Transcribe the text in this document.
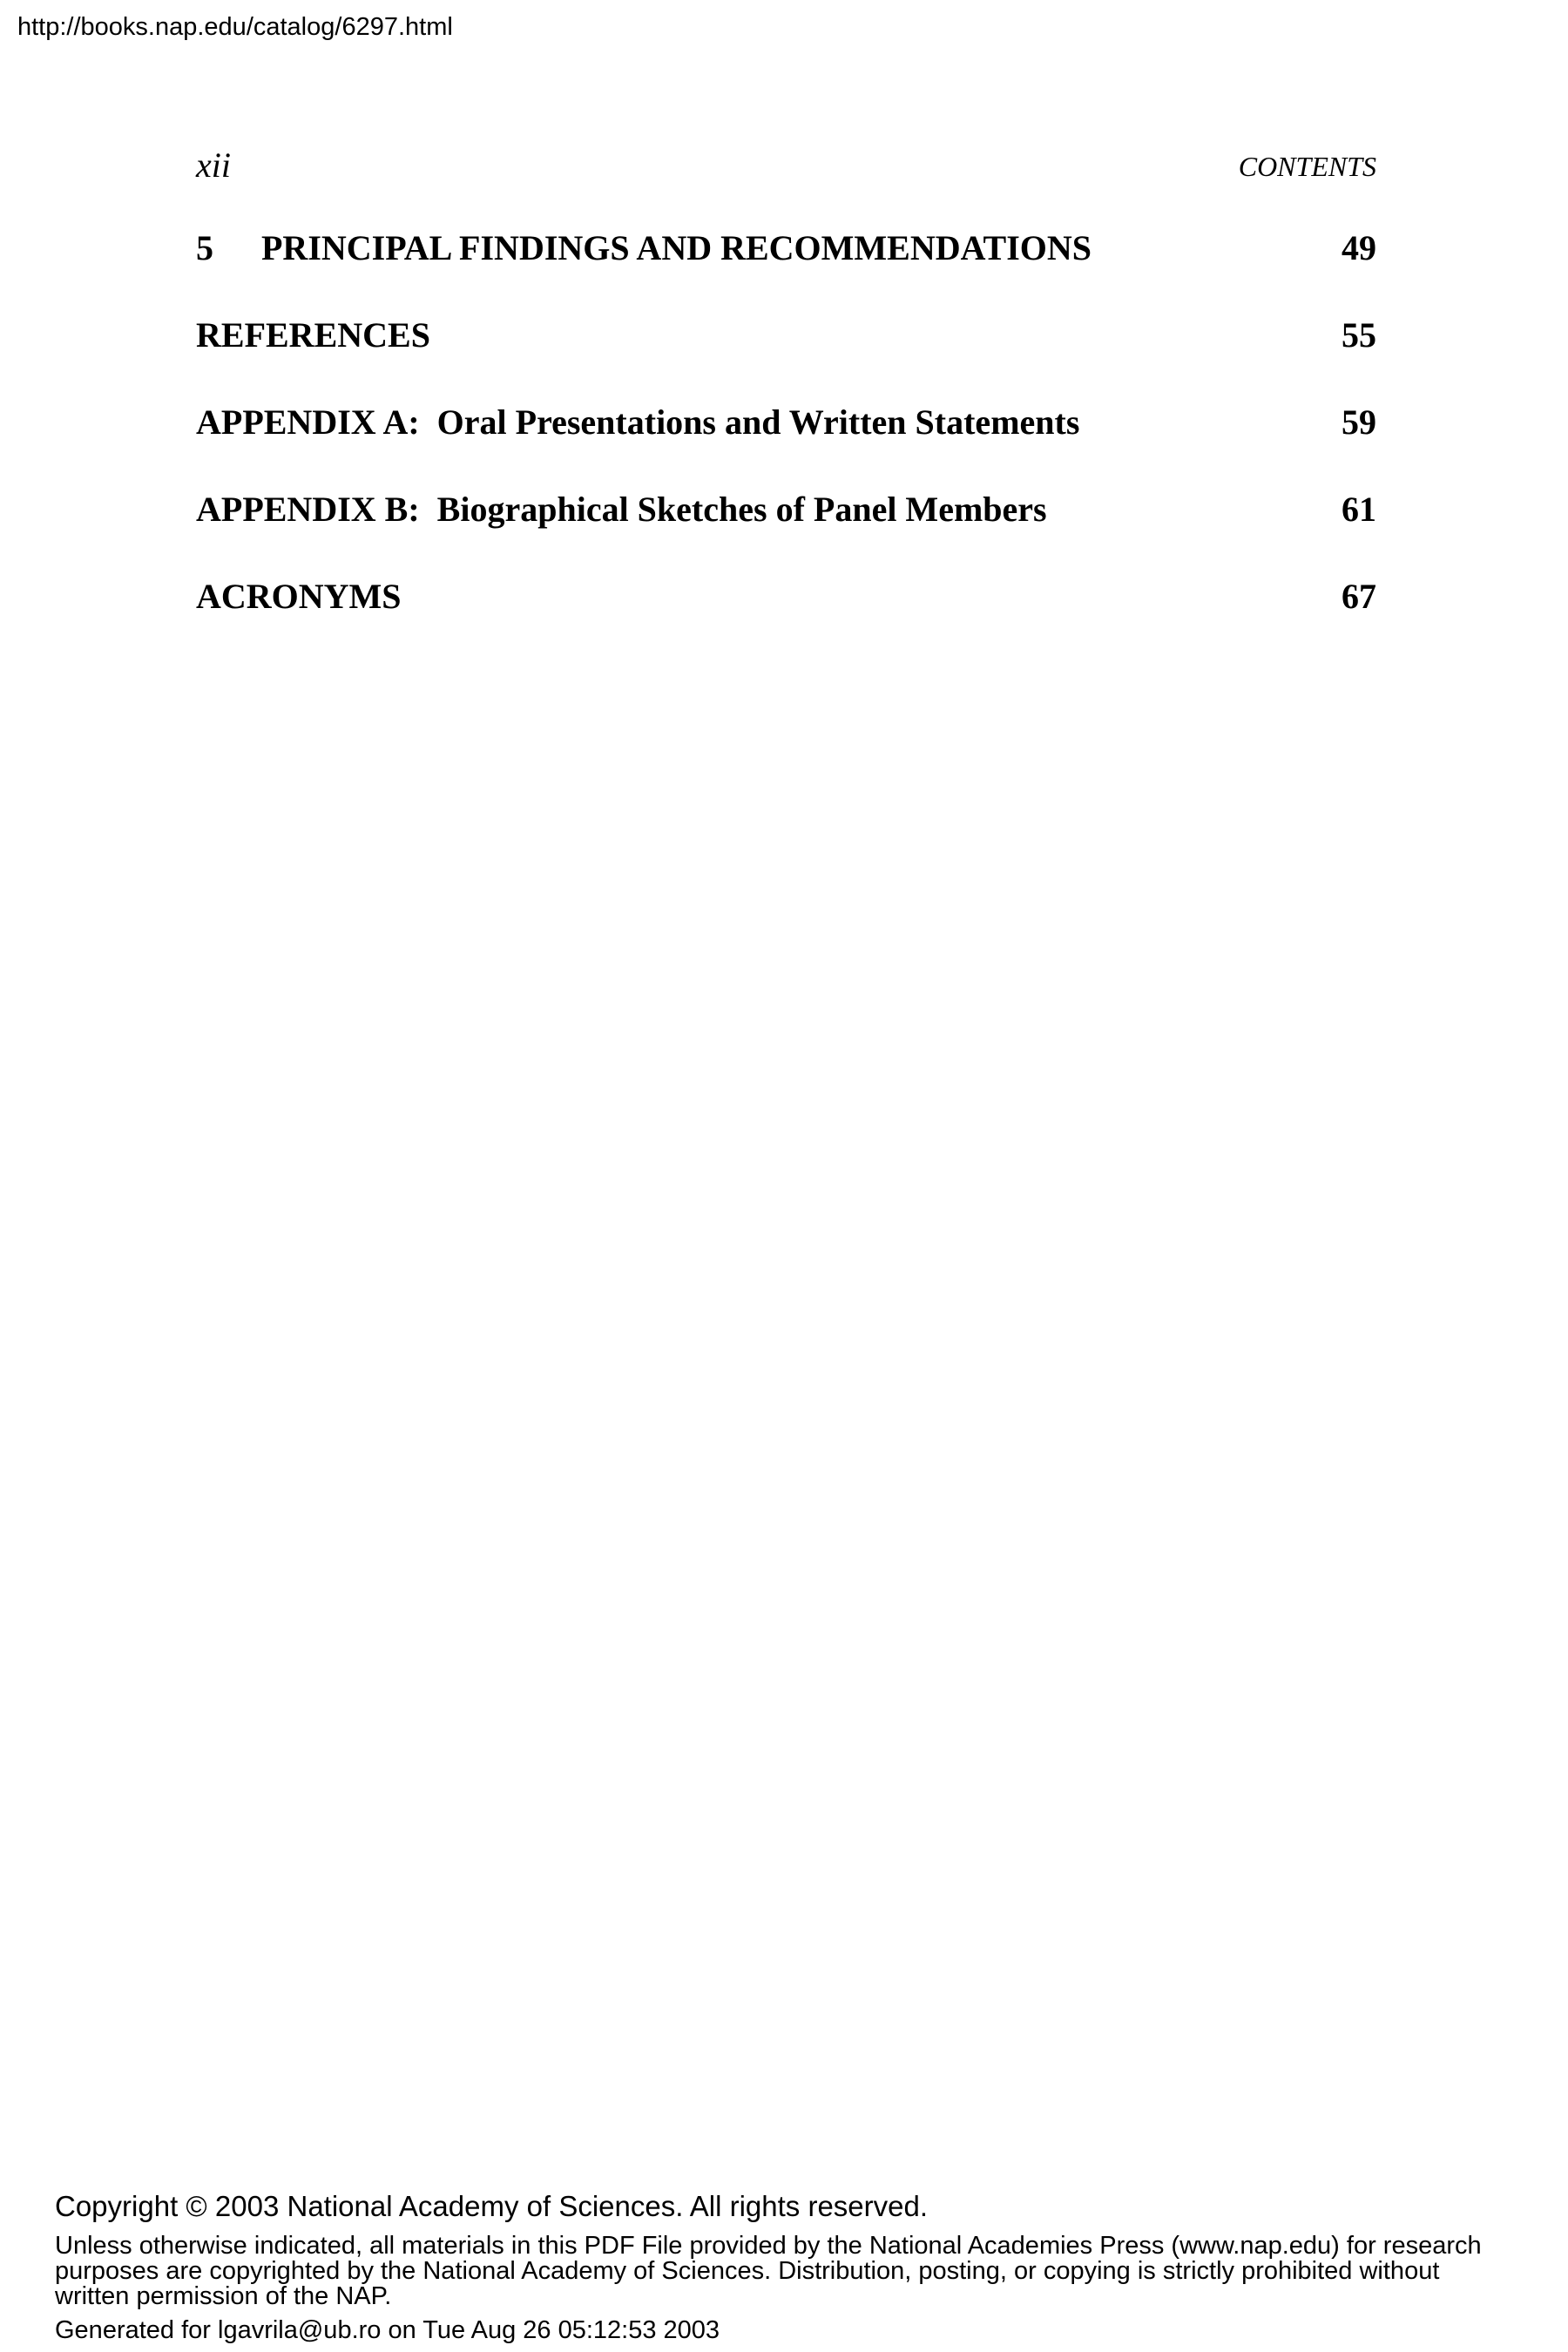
http://books.nap.edu/catalog/6297.html
xii	CONTENTS
5 PRINCIPAL FINDINGS AND RECOMMENDATIONS	49
REFERENCES	55
APPENDIX A:  Oral Presentations and Written Statements	59
APPENDIX B:  Biographical Sketches of Panel Members	61
ACRONYMS	67
Copyright © 2003 National Academy of Sciences. All rights reserved.
Unless otherwise indicated, all materials in this PDF File provided by the National Academies Press (www.nap.edu) for research purposes are copyrighted by the National Academy of Sciences. Distribution, posting, or copying is strictly prohibited without written permission of the NAP.
Generated for lgavrila@ub.ro on Tue Aug 26 05:12:53 2003
